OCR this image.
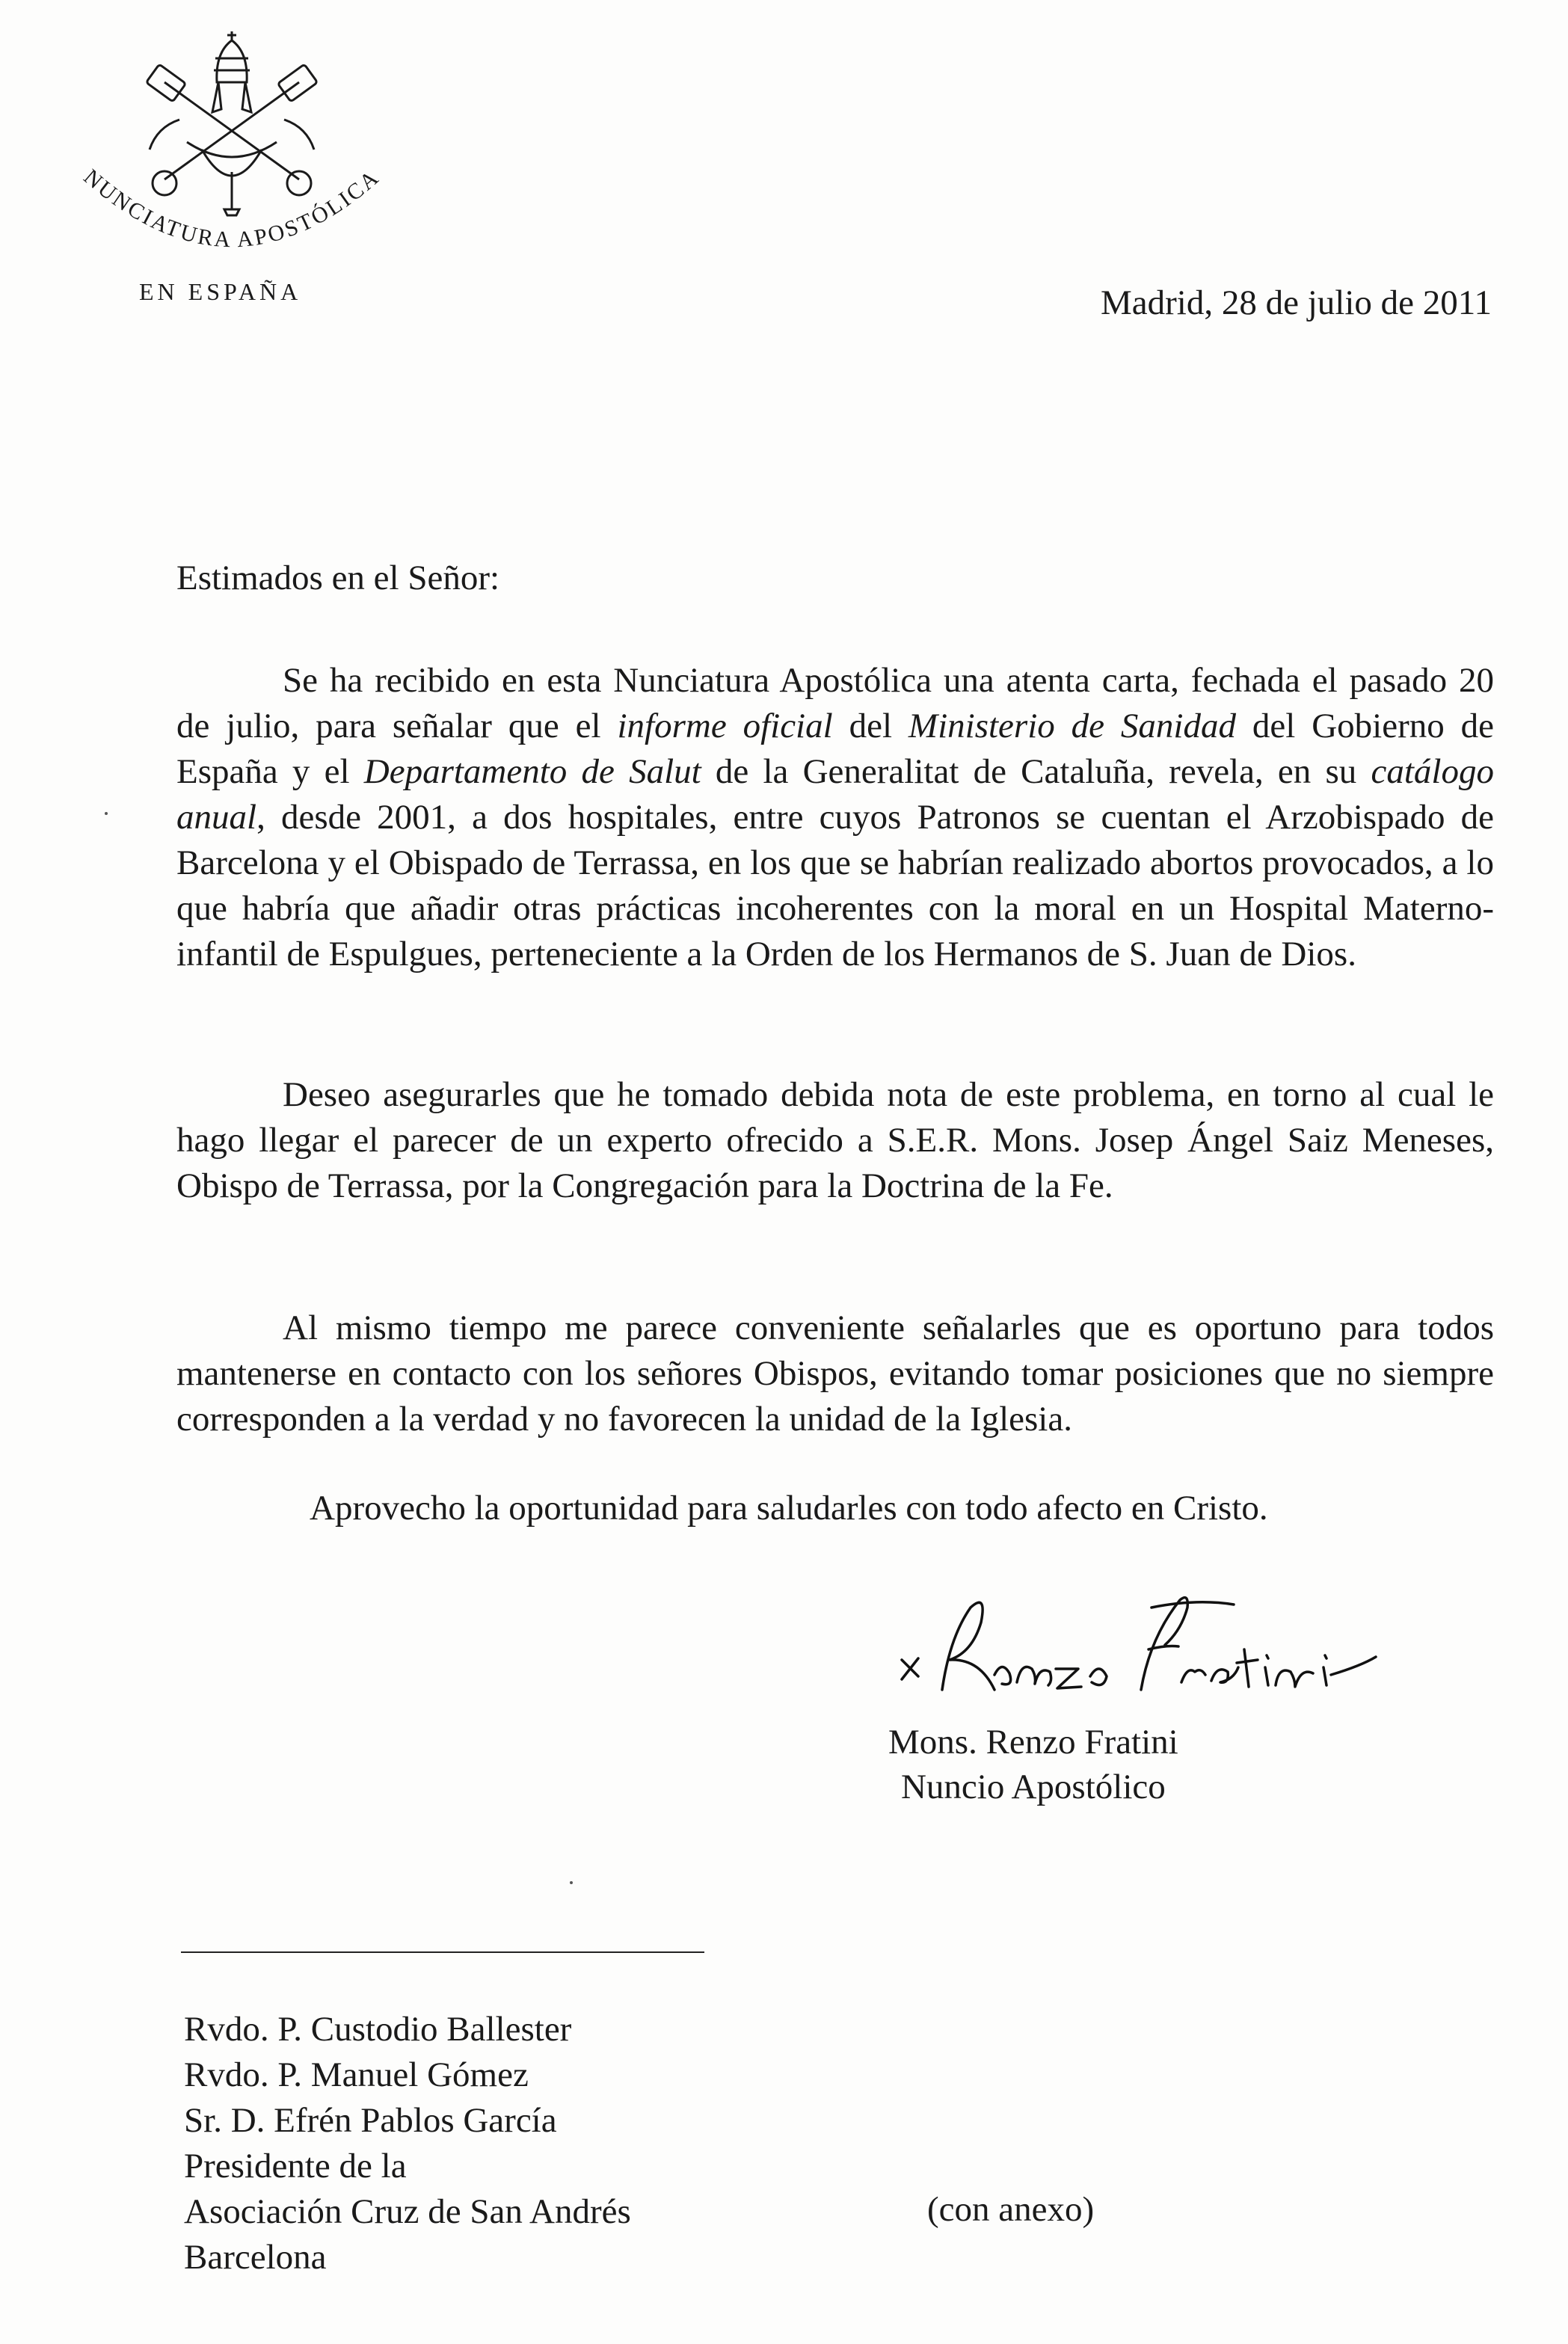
NUNCIATURA APOSTÓLICA
EN ESPAÑA	Madrid, 28 de julio de 2011
Estimados en el Señor:

Se ha recibido en esta Nunciatura Apostólica una atenta carta, fechada el pasado 20 de julio, para señalar que el informe oficial del Ministerio de Sanidad del Gobierno de España y el Departamento de Salut de la Generalitat de Cataluña, revela, en su catálogo anual, desde 2001, a dos hospitales, entre cuyos Patronos se cuentan el Arzobispado de Barcelona y el Obispado de Terrassa, en los que se habrían realizado abortos provocados, a lo que habría que añadir otras prácticas incoherentes con la moral en un Hospital Materno-infantil de Espulgues, perteneciente a la Orden de los Hermanos de S. Juan de Dios.

Deseo asegurarles que he tomado debida nota de este problema, en torno al cual le hago llegar el parecer de un experto ofrecido a S.E.R. Mons. Josep Ángel Saiz Meneses, Obispo de Terrassa, por la Congregación para la Doctrina de la Fe.

Al mismo tiempo me parece conveniente señalarles que es oportuno para todos mantenerse en contacto con los señores Obispos, evitando tomar posiciones que no siempre corresponden a la verdad y no favorecen la unidad de la Iglesia.

Aprovecho la oportunidad para saludarles con todo afecto en Cristo.
Mons. Renzo Fratini
Nuncio Apostólico
Rvdo. P. Custodio Ballester
Rvdo. P. Manuel Gómez
Sr. D. Efrén Pablos García
Presidente de la
Asociación Cruz de San Andrés
Barcelona
(con anexo)
